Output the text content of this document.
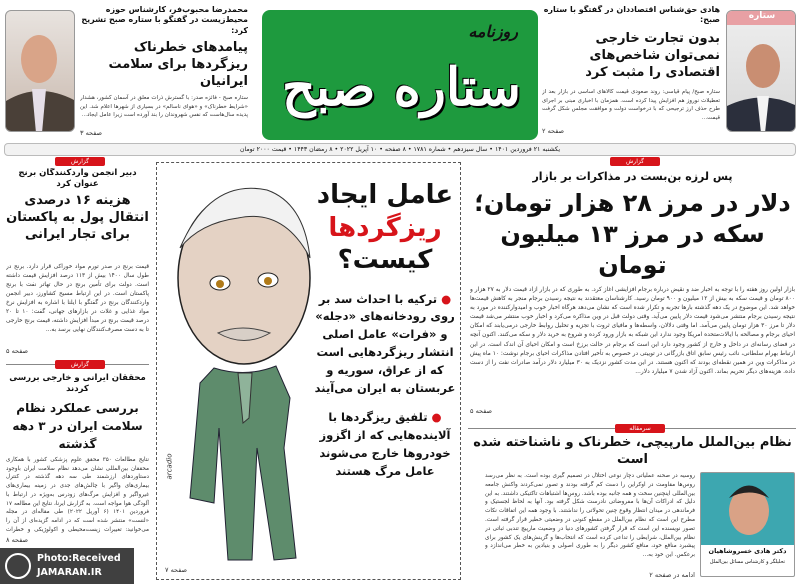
محمدرضا محبوب‌فر، کارشناس حوزه محیط‌زیست در گفتگو با ستاره صبح تشریح کرد:
پیامدهای خطرناک ریزگردها برای سلامت ایرانیان
ستاره صبح - فائزه صدر: با گسترش ذرات معلق در آسمان کشور، هشدار «شرایط خطرناک» و «هوای ناسالم» در بسیاری از شهرها اعلام شد. این پدیده سال‌هاست که نفس شهروندان را بند آورده است زیرا عامل ایجاد...
صفحه ۳
ستاره صبح
روزنامه
هادی حق‌شناس اقتصاددان در گفتگو با ستاره صبح:
بدون تجارت خارجی نمی‌توان شاخص‌های اقتصادی را مثبت کرد
ستاره صبح/ پیام قیاسی: روند صعودی قیمت کالاهای اساسی در بازار بعد از تعطیلات نوروز هم افزایش پیدا کرده است. همزمان با اخباری مبنی بر اجرای طرح حذف ارز ترجیحی که با درخواست دولت و موافقت مجلس شکل گرفت قیمت...
صفحه ۲
ستاره
یکشنبه ۲۱ فروردین ۱۴۰۱ • سال سیزدهم • شماره ۱۷۸۱ • ۸ صفحه • ۱۰ آپریل ۲۰۲۲ • ۸ رمضان ۱۴۴۳ • قیمت ۲۰۰۰ تومان
گزارش	گزارش
دبیر انجمن واردکنندگان برنج عنوان کرد
هزینه ۱۶ درصدی انتقال پول به پاکستان برای تجار ایرانی
قیمت برنج در صدر تورم مواد خوراکی قرار دارد. برنج در طول سال ۱۴۰۰ بیش از ۱۱۳ درصد افزایش قیمت داشته است. دولت برای تأمین برنج در حال تهاتر نفت با برنج پاکستان است. در این ارتباط مسیح کشاورز، دبیر انجمن واردکنندگان برنج در گفتگو با ایلنا با اشاره به افزایش نرخ مواد غذایی و غلات در بازارهای جهانی، گفت: ۱۰ تا ۲۰ درصد قیمت برنج در مبدأ افزایش داشته، قیمت برنج خارجی تا به دست مصرف‌کنندگان نهایی برسد به...
صفحه ۵
گزارش
محققان ایرانی و خارجی بررسی کردند
بررسی عملکرد نظام سلامت ایران در ۳ دهه گذشته
نتایج مطالعات ۳۵۰ محقق علوم پزشکی کشور با همکاری محققان بین‌المللی نشان می‌دهد نظام سلامت ایران باوجود دستاوردهای ارزشمند طی سه دهه گذشته در کنترل بیماری‌های واگیر با چالش‌های جدی در زمینه بیماری‌های غیرواگیر و افزایش مرگ‌های زودرس به‌ویژه در ارتباط با آلودگی هوا مواجه است. به گزارش ایرنا، نتایج این مطالعه ۱۷ فروردین ۱۴۰۱ (۶ آوریل ۲۰۲۲) طی مقاله‌ای در مجله «لنست» منتشر شده است که در ادامه گزیده‌ای از آن را می‌خوانید: تغییرات زیست‌محیطی و اکولوژیکی و خطرات
صفحه ۸
arcadio
عامل ایجاد
ریزگردها
کیست؟
● ترکیه با احداث سد بر روی رودخانه‌های «دجله» و «فرات» عامل اصلی انتشار ریزگردهایی است که از عراق، سوریه و عربستان به ایران می‌آیند
● تلفیق ریزگردها با آلاینده‌هایی که از اگزوز خودروها خارج می‌شوند عامل مرگ هستند
صفحه ۷
پس لرزه بن‌بست در مذاکرات بر بازار
دلار در مرز ۲۸ هزار تومان؛ سکه در مرز ۱۳ میلیون تومان
بازار اولین روز هفته را با توجه به اخبار ضد و نقیض درباره برجام افزایشی آغاز کرد. به طوری که در بازار آزاد قیمت دلار به ۲۷ هزار و ۸۰۰ تومان و قیمت سکه به بیش از ۱۲ میلیون و ۹۰۰ تومان رسید. کارشناسان معتقدند به نتیجه رسیدن برجام منجر به کاهش قیمت‌ها خواهد شد. این موضوع در یک دهه گذشته بارها تجربه و تکرار شده است که نشان می‌دهد هرگاه اخبار خوب و امیدوارکننده در مورد به نتیجه رسیدن برجام منتشر می‌شود قیمت دلار پایین می‌آید. وقتی دولت قبل در وین مذاکره می‌کرد و اخبار خوب منتشر می‌شد قیمت دلار تا مرز ۳۰ هزار تومان پایین می‌آمد. اما وقتی دلالان، واسطه‌ها و مافیای ثروت با تجزیه و تحلیل روابط خارجی درمی‌یابند که امکان احیای برجام و مصالحه با ایالات‌متحده امریکا وجود ندارد این شبکه به بازار ورود کرده و شروع به خرید دلار و سکه می‌کنند. اکنون آنچه در فضای رسانه‌ای در داخل و خارج از کشور وجود دارد این است که برجام در حالت برزخ است و امکان احیای آن اندک است. در این ارتباط بهرام سلطانی، نائب رئیس سابق اتاق بازرگانی در توییتی در خصوص به تأخیر افتادن مذاکرات احیای برجام نوشت: ۱۰ ماه پیش در مذاکرات وین در همین نقطه‌ای بودند که اکنون هستند. در این مدت کشور نزدیک به ۳۰ میلیارد دلار درآمد صادرات نفت را از دست داده. هزینه‌های دیگر تحریم بماند. اکنون آزاد شدن ۷ میلیارد دلار...
صفحه ۵
سرمقاله
نظام بین‌الملل مارپیچی، خطرناک و ناشناخته شده است
دکتر هادی خسروشاهیان
تحلیلگر و کارشناس مسائل بین‌الملل
روسیه در صحنه عملیاتی دچار نوعی اختلال در تصمیم گیری بوده است. به نظر می‌رسد روس‌ها مقاومت در اوکراین را دست کم گرفته بودند و تصور نمی‌کردند واکنش جامعه بین‌المللی اینچنین سخت و همه جانبه بوده باشد. روس‌ها اشتباهات تاکتیکی داشتند. به این دلیل که ادراکات آن‌ها با مفروضاتی نادرست شکل گرفته بود. آنها به لحاظ لجستیک و فرماندهی در میدان انتظار وقوع چنین تحولاتی را نداشتند. با وجود همه این اتفاقات نکات مطرح این است که نظام بین‌الملل در مقطع کنونی در وضعیتی خطیر قرار گرفته است. تصور نویسنده این است که قرار گرفتن کشورهای دنیا در وضعیت مارپیچ تندبی ثباتی در نظام بین‌الملل، شرایطی را تداعی کرده است که انتخاب‌ها و گزینش‌های یک کشور برای پیشبرد منافع خود، منافع کشور دیگر را به طوری اصولی و بنیادین به خطر می‌اندازد و برعکس. این خود به...
ادامه در صفحه ۲
Photo:Received
JAMARAN.IR
